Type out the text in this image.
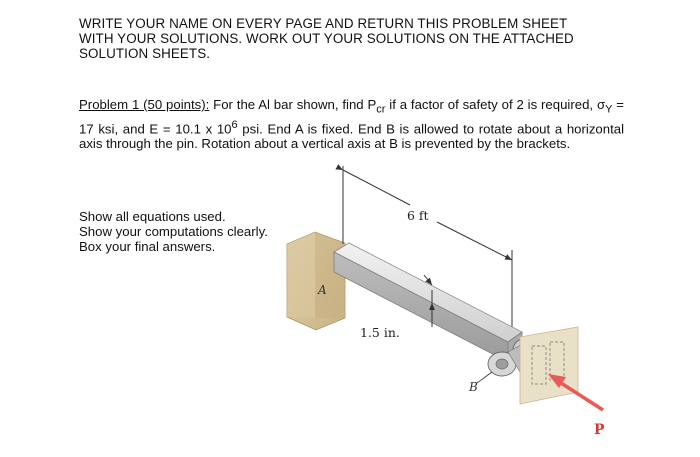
WRITE YOUR NAME ON EVERY PAGE AND RETURN THIS PROBLEM SHEET
WITH YOUR SOLUTIONS. WORK OUT YOUR SOLUTIONS ON THE ATTACHED
SOLUTION SHEETS.
Problem 1 (50 points): For the Al bar shown, find $P_{cr}$ if a factor of safety of 2 is required, $\sigma_Y = 17$ ksi, and E = 10.1 x $10^6$ psi. End A is fixed. End B is allowed to rotate about a horizontal axis through the pin. Rotation about a vertical axis at B is prevented by the brackets.
Show all equations used.
Show your computations clearly.
Box your final answers.
A
6 ft
1.5 in.
B
P
